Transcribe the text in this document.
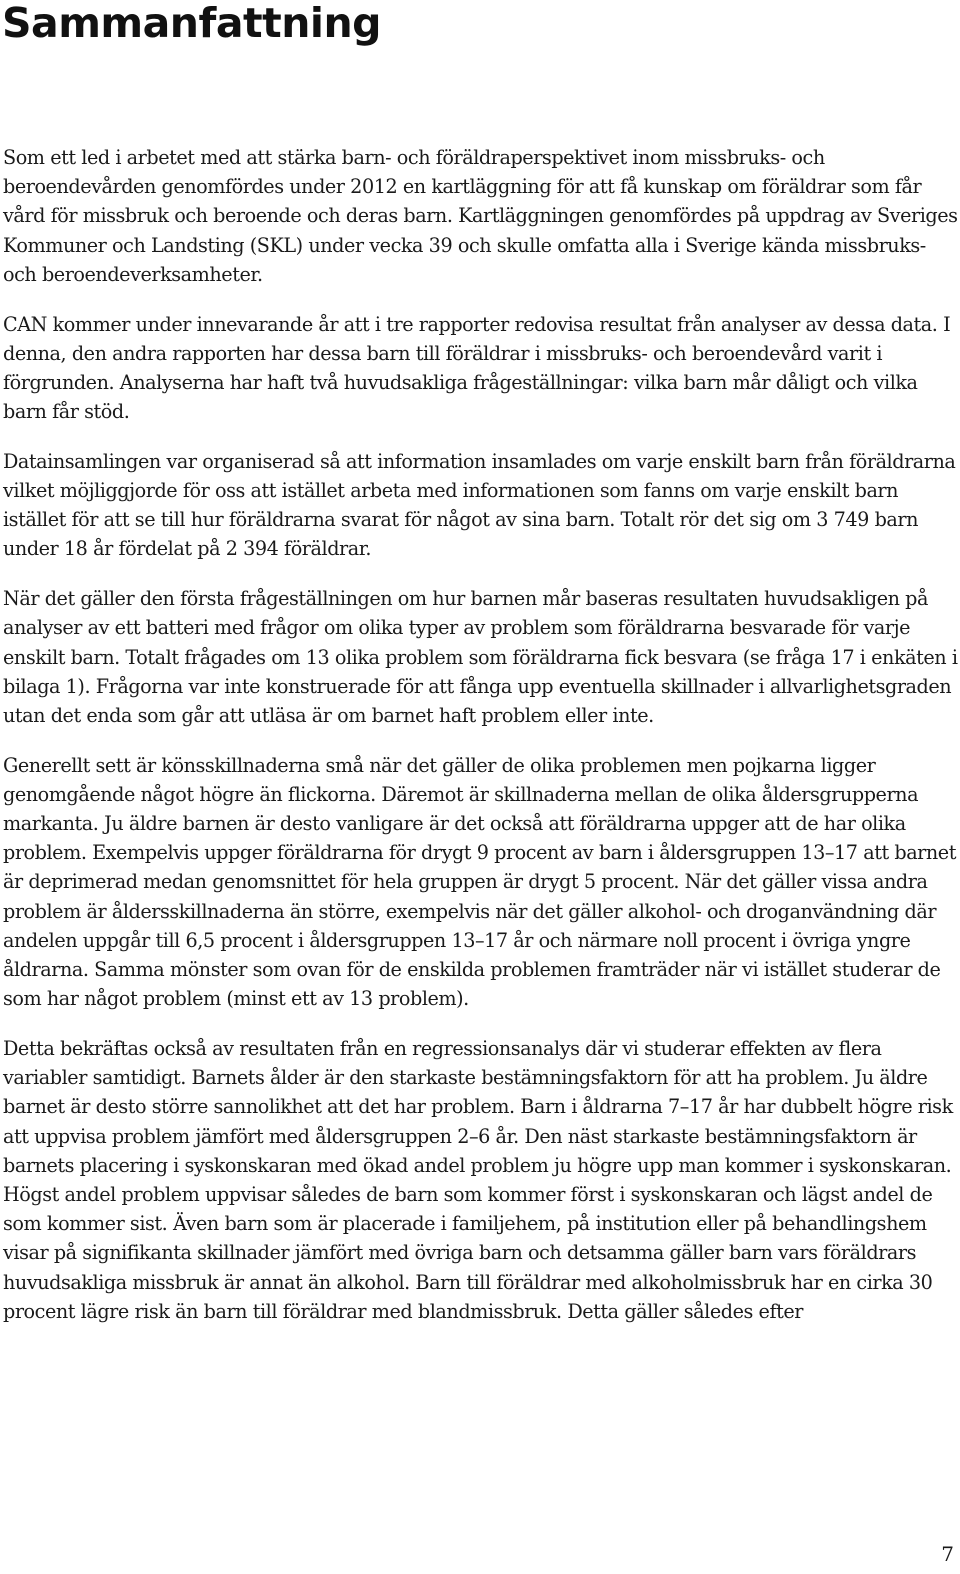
Sammanfattning

Som ett led i arbetet med att stärka barn- och föräldraperspektivet inom missbruks- och beroendevården genomfördes under 2012 en kartläggning för att få kunskap om föräldrar som får vård för missbruk och beroende och deras barn. Kartläggningen genomfördes på uppdrag av Sveriges Kommuner och Landsting (SKL) under vecka 39 och skulle omfatta alla i Sverige kända missbruks- och beroendeverksamheter.

CAN kommer under innevarande år att i tre rapporter redovisa resultat från analyser av dessa data. I denna, den andra rapporten har dessa barn till föräldrar i missbruks- och beroendevård varit i förgrunden. Analyserna har haft två huvudsakliga frågeställningar: vilka barn mår dåligt och vilka barn får stöd.

Datainsamlingen var organiserad så att information insamlades om varje enskilt barn från föräldrarna vilket möjliggjorde för oss att istället arbeta med informationen som fanns om varje enskilt barn istället för att se till hur föräldrarna svarat för något av sina barn. Totalt rör det sig om 3 749 barn under 18 år fördelat på 2 394 föräldrar.

När det gäller den första frågeställningen om hur barnen mår baseras resultaten huvudsakligen på analyser av ett batteri med frågor om olika typer av problem som föräldrarna besvarade för varje enskilt barn. Totalt frågades om 13 olika problem som föräldrarna fick besvara (se fråga 17 i enkäten i bilaga 1). Frågorna var inte konstruerade för att fånga upp eventuella skillnader i allvarlighetsgraden utan det enda som går att utläsa är om barnet haft problem eller inte.

Generellt sett är könsskillnaderna små när det gäller de olika problemen men pojkarna ligger genomgående något högre än flickorna. Däremot är skillnaderna mellan de olika åldersgrupperna markanta. Ju äldre barnen är desto vanligare är det också att föräldrarna uppger att de har olika problem. Exempelvis uppger föräldrarna för drygt 9 procent av barn i åldersgruppen 13–17 att barnet är deprimerad medan genomsnittet för hela gruppen är drygt 5 procent. När det gäller vissa andra problem är åldersskillnaderna än större, exempelvis när det gäller alkohol- och droganvändning där andelen uppgår till 6,5 procent i åldersgruppen 13–17 år och närmare noll procent i övriga yngre åldrarna. Samma mönster som ovan för de enskilda problemen framträder när vi istället studerar de som har något problem (minst ett av 13 problem).

Detta bekräftas också av resultaten från en regressionsanalys där vi studerar effekten av flera variabler samtidigt. Barnets ålder är den starkaste bestämningsfaktorn för att ha problem. Ju äldre barnet är desto större sannolikhet att det har problem. Barn i åldrarna 7–17 år har dubbelt högre risk att uppvisa problem jämfört med åldersgruppen 2–6 år. Den näst starkaste bestämningsfaktorn är barnets placering i syskonskaran med ökad andel problem ju högre upp man kommer i syskonskaran. Högst andel problem uppvisar således de barn som kommer först i syskonskaran och lägst andel de som kommer sist. Även barn som är placerade i familjehem, på institution eller på behandlingshem visar på signifikanta skillnader jämfört med övriga barn och detsamma gäller barn vars föräldrars huvudsakliga missbruk är annat än alkohol. Barn till föräldrar med alkoholmissbruk har en cirka 30 procent lägre risk än barn till föräldrar med blandmissbruk. Detta gäller således efter

7
